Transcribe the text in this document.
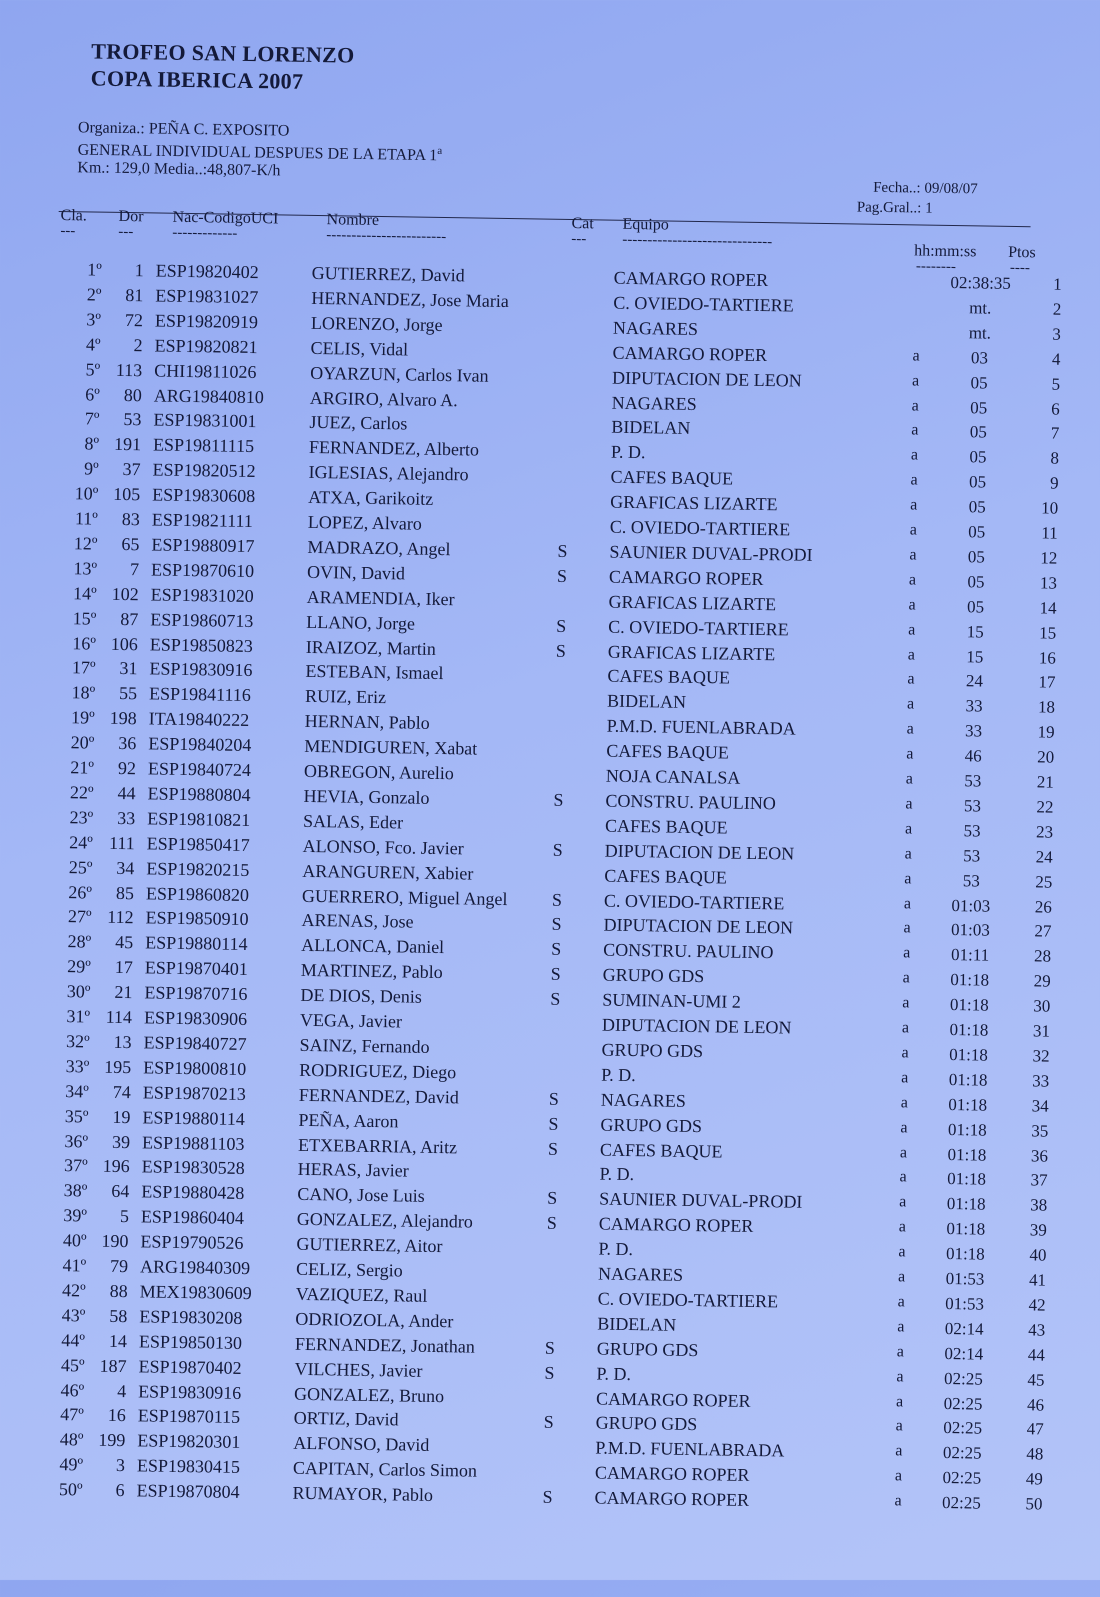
TROFEO SAN LORENZO
COPA IBERICA 2007
Organiza.: PEÑA C. EXPOSITO
GENERAL INDIVIDUAL DESPUES DE LA ETAPA 1$^a$
Km.: 129,0 Media..:48,807-K/h
Fecha..: 09/08/07
Pag.Gral..: 1
Cla. Dor Nac-CodigoUCI	Nombre	Cat Equipo
hh:mm:ss Ptos
---	---	-------------	------------------------	--- ------------------------------
--------	----
1º	1 ESP19820402	GUTIERREZ, David	CAMARGO ROPER	02:38:35	1
2º	81 ESP19831027	HERNANDEZ, Jose Maria	C. OVIEDO-TARTIERE	mt.	2
3º	72 ESP19820919	LORENZO, Jorge	NAGARES	mt.	3
4º	2 ESP19820821	CELIS, Vidal	CAMARGO ROPER	a	03	4
5º 113 CHI19811026	OYARZUN, Carlos Ivan	DIPUTACION DE LEON	a	05	5
6º	80 ARG19840810	ARGIRO, Alvaro A.	NAGARES	a	05	6
7º	53 ESP19831001	JUEZ, Carlos	BIDELAN	a	05	7
8º 191 ESP19811115	FERNANDEZ, Alberto	P. D.	a	05	8
9º	37 ESP19820512	IGLESIAS, Alejandro	CAFES BAQUE	a	05	9
10º 105 ESP19830608	ATXA, Garikoitz	GRAFICAS LIZARTE	a	05	10
11º	83 ESP19821111	LOPEZ, Alvaro	C. OVIEDO-TARTIERE	a	05	11
12º	65 ESP19880917	MADRAZO, Angel	S SAUNIER DUVAL-PRODI	a	05	12
13º	7 ESP19870610	OVIN, David	S CAMARGO ROPER	a	05	13
14º 102 ESP19831020	ARAMENDIA, Iker	GRAFICAS LIZARTE	a	05	14
15º	87 ESP19860713	LLANO, Jorge	S C. OVIEDO-TARTIERE	a	15	15
16º 106 ESP19850823	IRAIZOZ, Martin	S GRAFICAS LIZARTE	a	15	16
17º	31 ESP19830916	ESTEBAN, Ismael	CAFES BAQUE	a	24	17
18º	55 ESP19841116	RUIZ, Eriz	BIDELAN	a	33	18
19º 198 ITA19840222	HERNAN, Pablo	P.M.D. FUENLABRADA	a	33	19
20º	36 ESP19840204	MENDIGUREN, Xabat	CAFES BAQUE	a	46	20
21º	92 ESP19840724	OBREGON, Aurelio	NOJA CANALSA	a	53	21
22º	44 ESP19880804	HEVIA, Gonzalo	S CONSTRU. PAULINO	a	53	22
23º	33 ESP19810821	SALAS, Eder	CAFES BAQUE	a	53	23
24º 111 ESP19850417	ALONSO, Fco. Javier	S DIPUTACION DE LEON	a	53	24
25º	34 ESP19820215	ARANGUREN, Xabier	CAFES BAQUE	a	53	25
26º	85 ESP19860820	GUERRERO, Miguel Angel S C. OVIEDO-TARTIERE	a	01:03	26
27º 112 ESP19850910	ARENAS, Jose	S DIPUTACION DE LEON	a	01:03	27
28º	45 ESP19880114	ALLONCA, Daniel	S CONSTRU. PAULINO	a	01:11	28
29º	17 ESP19870401	MARTINEZ, Pablo	S GRUPO GDS	a	01:18	29
30º	21 ESP19870716	DE DIOS, Denis	S SUMINAN-UMI 2	a	01:18	30
31º 114 ESP19830906	VEGA, Javier	DIPUTACION DE LEON	a	01:18	31
32º	13 ESP19840727	SAINZ, Fernando	GRUPO GDS	a	01:18	32
33º 195 ESP19800810	RODRIGUEZ, Diego	P. D.	a	01:18	33
34º	74 ESP19870213	FERNANDEZ, David	S NAGARES	a	01:18	34
35º	19 ESP19880114	PEÑA, Aaron	S GRUPO GDS	a	01:18	35
36º	39 ESP19881103	ETXEBARRIA, Aritz	S CAFES BAQUE	a	01:18	36
37º 196 ESP19830528	HERAS, Javier	P. D.	a	01:18	37
38º	64 ESP19880428	CANO, Jose Luis	S SAUNIER DUVAL-PRODI	a	01:18	38
39º	5 ESP19860404	GONZALEZ, Alejandro	S CAMARGO ROPER	a	01:18	39
40º 190 ESP19790526	GUTIERREZ, Aitor	P. D.	a	01:18	40
41º	79 ARG19840309	CELIZ, Sergio	NAGARES	a	01:53	41
42º	88 MEX19830609 VAZIQUEZ, Raul	C. OVIEDO-TARTIERE	a	01:53	42
43º	58 ESP19830208	ODRIOZOLA, Ander	BIDELAN	a	02:14	43
44º	14 ESP19850130	FERNANDEZ, Jonathan	S GRUPO GDS	a	02:14	44
45º 187 ESP19870402	VILCHES, Javier	S P. D.	a	02:25	45
46º	4 ESP19830916	GONZALEZ, Bruno	CAMARGO ROPER	a	02:25	46
47º	16 ESP19870115	ORTIZ, David	S GRUPO GDS	a	02:25	47
48º 199 ESP19820301	ALFONSO, David	P.M.D. FUENLABRADA	a	02:25	48
49º	3 ESP19830415	CAPITAN, Carlos Simon	CAMARGO ROPER	a	02:25	49
50º	6 ESP19870804	RUMAYOR, Pablo	S CAMARGO ROPER	a	02:25	50
